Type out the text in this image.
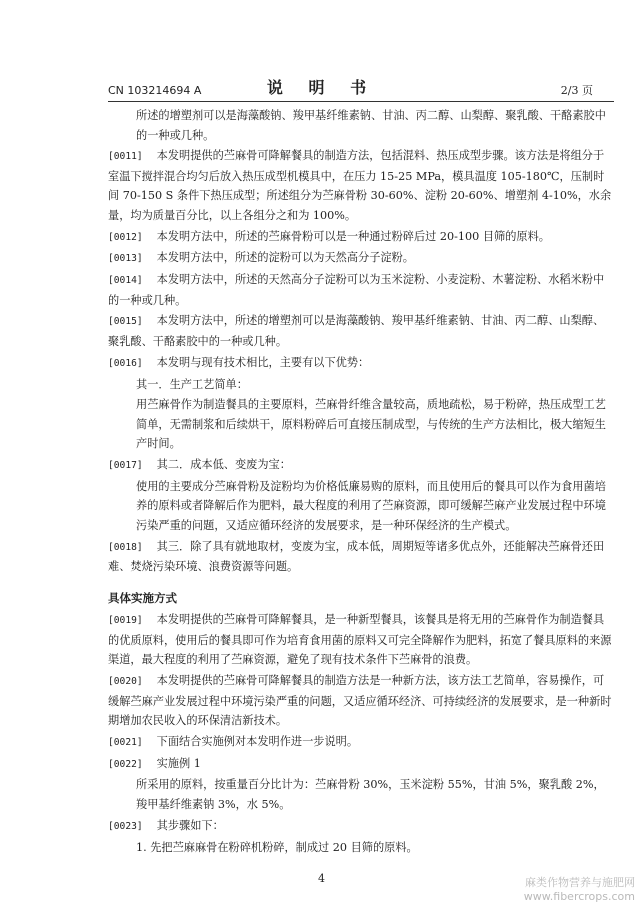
CN 103214694 A	说 明 书	2/3 页

所述的增塑剂可以是海藻酸钠、羧甲基纤维素钠、甘油、丙二醇、山梨醇、聚乳酸、干酪素胶中的一种或几种。

[0011] 本发明提供的苎麻骨可降解餐具的制造方法，包括混料、热压成型步骤。该方法是将组分于室温下搅拌混合均匀后放入热压成型机模具中，在压力 15-25 MPa，模具温度 105-180℃，压制时间 70-150 S 条件下热压成型；所述组分为苎麻骨粉 30-60%、淀粉 20-60%、增塑剂 4-10%，水余量，均为质量百分比，以上各组分之和为 100%。

[0012] 本发明方法中，所述的苎麻骨粉可以是一种通过粉碎后过 20-100 目筛的原料。

[0013] 本发明方法中，所述的淀粉可以为天然高分子淀粉。

[0014] 本发明方法中，所述的天然高分子淀粉可以为玉米淀粉、小麦淀粉、木薯淀粉、水稻米粉中的一种或几种。

[0015] 本发明方法中，所述的增塑剂可以是海藻酸钠、羧甲基纤维素钠、甘油、丙二醇、山梨醇、聚乳酸、干酪素胶中的一种或几种。

[0016] 本发明与现有技术相比，主要有以下优势：

其一．生产工艺简单：

用苎麻骨作为制造餐具的主要原料，苎麻骨纤维含量较高，质地疏松，易于粉碎，热压成型工艺简单，无需制浆和后续烘干，原料粉碎后可直接压制成型，与传统的生产方法相比，极大缩短生产时间。

[0017] 其二．成本低、变废为宝：

使用的主要成分苎麻骨粉及淀粉均为价格低廉易购的原料，而且使用后的餐具可以作为食用菌培养的原料或者降解后作为肥料，最大程度的利用了苎麻资源，即可缓解苎麻产业发展过程中环境污染严重的问题，又适应循环经济的发展要求，是一种环保经济的生产模式。

[0018] 其三．除了具有就地取材，变废为宝，成本低，周期短等诸多优点外，还能解决苎麻骨还田难、焚烧污染环境、浪费资源等问题。

具体实施方式

[0019] 本发明提供的苎麻骨可降解餐具，是一种新型餐具，该餐具是将无用的苎麻骨作为制造餐具的优质原料，使用后的餐具即可作为培育食用菌的原料又可完全降解作为肥料，拓宽了餐具原料的来源渠道，最大程度的利用了苎麻资源，避免了现有技术条件下苎麻骨的浪费。

[0020] 本发明提供的苎麻骨可降解餐具的制造方法是一种新方法，该方法工艺简单，容易操作，可缓解苎麻产业发展过程中环境污染严重的问题，又适应循环经济、可持续经济的发展要求，是一种新时期增加农民收入的环保清洁新技术。

[0021] 下面结合实施例对本发明作进一步说明。

[0022] 实施例 1

所采用的原料，按重量百分比计为：苎麻骨粉 30%，玉米淀粉 55%，甘油 5%，聚乳酸 2%，羧甲基纤维素钠 3%，水 5%。

[0023] 其步骤如下：

1. 先把苎麻麻骨在粉碎机粉碎，制成过 20 目筛的原料。

4	麻类作物营养与施肥网
www.fibercrops.com
